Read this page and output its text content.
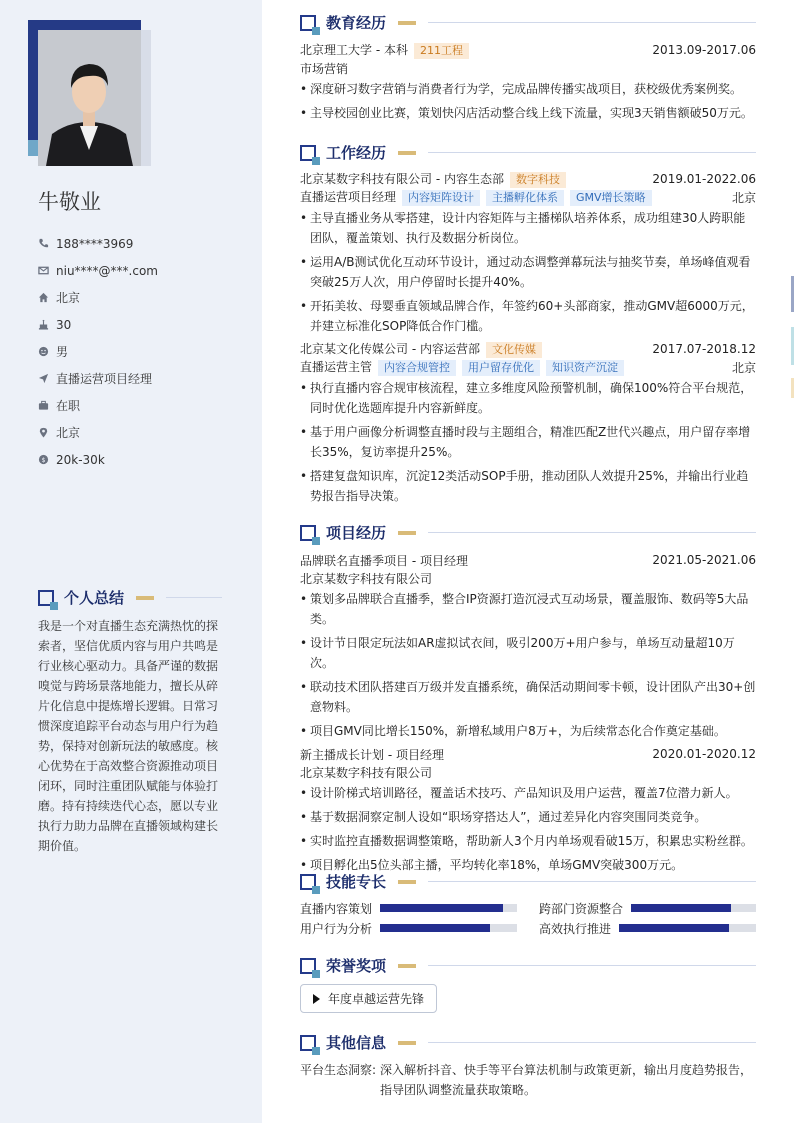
牛敬业
188****3969
niu****@***.com
北京
30
男
直播运营项目经理
在职
北京
$ 20k-30k
个人总结
我是一个对直播生态充满热忱的探索者，坚信优质内容与用户共鸣是行业核心驱动力。具备严谨的数据嗅觉与跨场景落地能力，擅长从碎片化信息中提炼增长逻辑。日常习惯深度追踪平台动态与用户行为趋势，保持对创新玩法的敏感度。核心优势在于高效整合资源推动项目闭环，同时注重团队赋能与体验打磨。持有持续迭代心态，愿以专业执行力助力品牌在直播领域构建长期价值。
教育经历
北京理工大学 - 本科 211工程	2013.09-2017.06
市场营销
• 深度研习数字营销与消费者行为学，完成品牌传播实战项目，获校级优秀案例奖。
• 主导校园创业比赛，策划快闪店活动整合线上线下流量，实现3天销售额破50万元。
工作经历
北京某数字科技有限公司 - 内容生态部 数字科技	2019.01-2022.06
直播运营项目经理 内容矩阵设计 主播孵化体系 GMV增长策略	北京
• 主导直播业务从零搭建，设计内容矩阵与主播梯队培养体系，成功组建30人跨职能团队，覆盖策划、执行及数据分析岗位。
• 运用A/B测试优化互动环节设计，通过动态调整弹幕玩法与抽奖节奏，单场峰值观看突破25万人次，用户停留时长提升40%。
• 开拓美妆、母婴垂直领域品牌合作，年签约60+头部商家，推动GMV超6000万元，并建立标准化SOP降低合作门槛。
北京某文化传媒公司 - 内容运营部 文化传媒	2017.07-2018.12
直播运营主管 内容合规管控 用户留存优化 知识资产沉淀	北京
• 执行直播内容合规审核流程，建立多维度风险预警机制，确保100%符合平台规范，同时优化选题库提升内容新鲜度。
• 基于用户画像分析调整直播时段与主题组合，精准匹配Z世代兴趣点，用户留存率增长35%，复访率提升25%。
• 搭建复盘知识库，沉淀12类活动SOP手册，推动团队人效提升25%，并输出行业趋势报告指导决策。
项目经历
品牌联名直播季项目 - 项目经理	2021.05-2021.06
北京某数字科技有限公司
• 策划多品牌联合直播季，整合IP资源打造沉浸式互动场景，覆盖服饰、数码等5大品类。
• 设计节日限定玩法如AR虚拟试衣间，吸引200万+用户参与，单场互动量超10万次。
• 联动技术团队搭建百万级并发直播系统，确保活动期间零卡顿，设计团队产出30+创意物料。
• 项目GMV同比增长150%，新增私域用户8万+，为后续常态化合作奠定基础。
新主播成长计划 - 项目经理	2020.01-2020.12
北京某数字科技有限公司
• 设计阶梯式培训路径，覆盖话术技巧、产品知识及用户运营，覆盖7位潜力新人。
• 基于数据洞察定制人设如“职场穿搭达人”，通过差异化内容突围同类竞争。
• 实时监控直播数据调整策略，帮助新人3个月内单场观看破15万，积累忠实粉丝群。
• 项目孵化出5位头部主播，平均转化率18%，单场GMV突破300万元。
技能专长
直播内容策划	跨部门资源整合
用户行为分析	高效执行推进
荣誉奖项
年度卓越运营先锋
其他信息
平台生态洞察: 深入解析抖音、快手等平台算法机制与政策更新，输出月度趋势报告，指导团队调整流量获取策略。
